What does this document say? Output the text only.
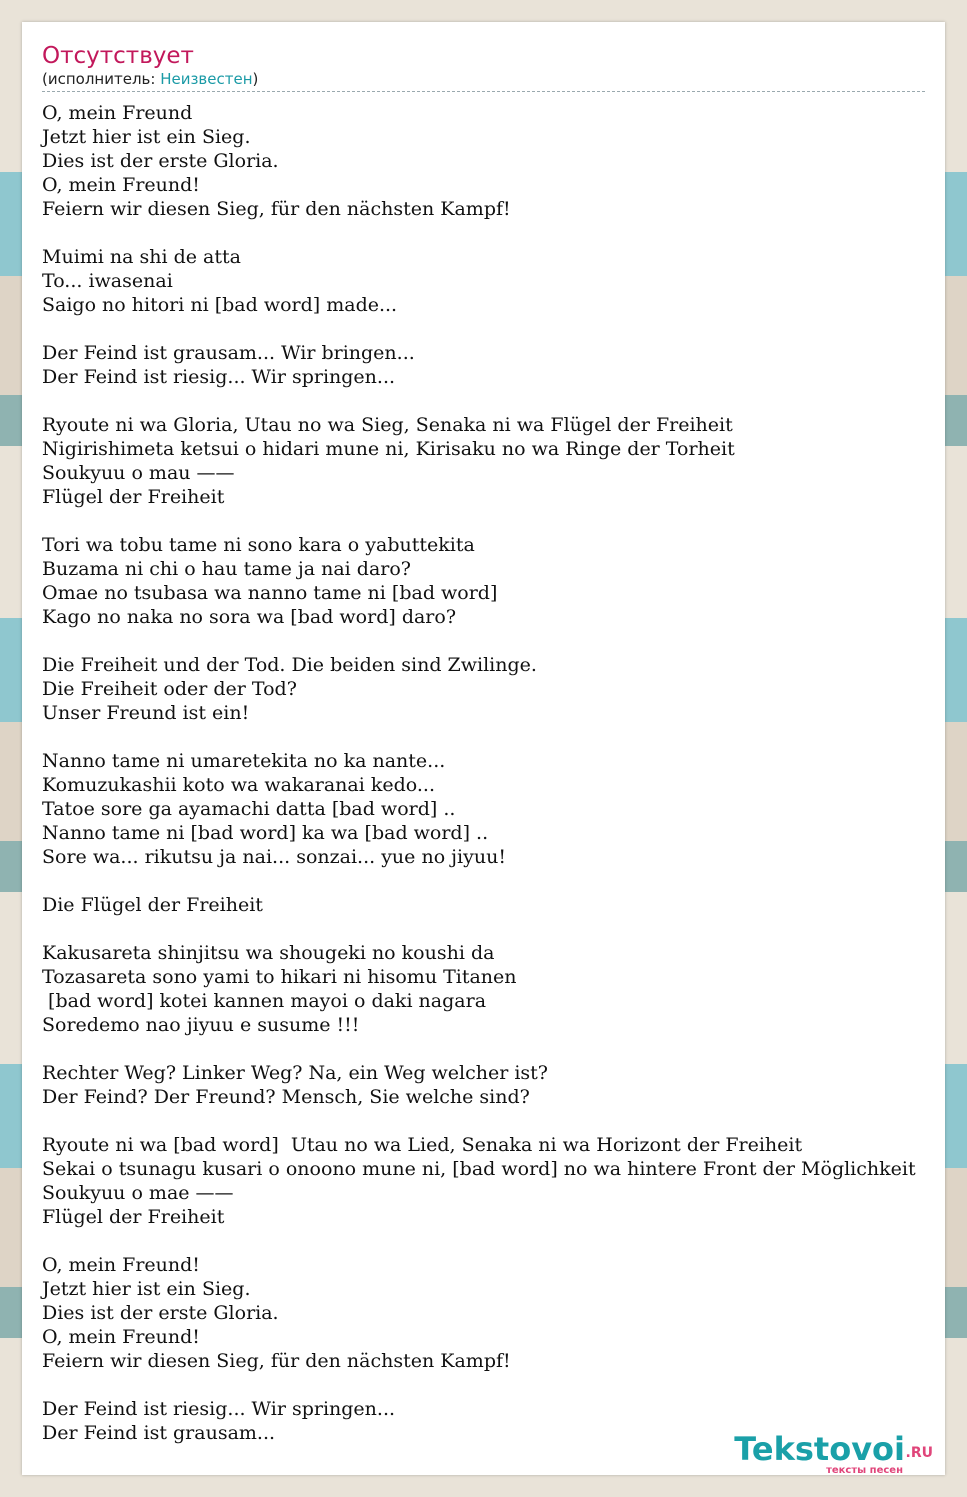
Отсутствует
(исполнитель: Неизвестен)
O, mein Freund
Jetzt hier ist ein Sieg.
Dies ist der erste Gloria.
O, mein Freund!
Feiern wir diesen Sieg, für den nächsten Kampf!

Muimi na shi de atta
To... iwasenai
Saigo no hitori ni [bad word] made...

Der Feind ist grausam... Wir bringen...
Der Feind ist riesig... Wir springen...

Ryoute ni wa Gloria, Utau no wa Sieg, Senaka ni wa Flügel der Freiheit
Nigirishimeta ketsui o hidari mune ni, Kirisaku no wa Ringe der Torheit
Soukyuu o mau ——
Flügel der Freiheit

Tori wa tobu tame ni sono kara o yabuttekita
Buzama ni chi o hau tame ja nai daro?
Omae no tsubasa wa nanno tame ni [bad word]
Kago no naka no sora wa [bad word] daro?

Die Freiheit und der Tod. Die beiden sind Zwilinge.
Die Freiheit oder der Tod?
Unser Freund ist ein!

Nanno tame ni umaretekita no ka nante...
Komuzukashii koto wa wakaranai kedo...
Tatoe sore ga ayamachi datta [bad word] ..
Nanno tame ni [bad word] ka wa [bad word] ..
Sore wa... rikutsu ja nai... sonzai... yue no jiyuu!

Die Flügel der Freiheit

Kakusareta shinjitsu wa shougeki no koushi da
Tozasareta sono yami to hikari ni hisomu Titanen
[bad word] kotei kannen mayoi o daki nagara
Soredemo nao jiyuu e susume !!!

Rechter Weg? Linker Weg? Na, ein Weg welcher ist?
Der Feind? Der Freund? Mensch, Sie welche sind?

Ryoute ni wa [bad word]  Utau no wa Lied, Senaka ni wa Horizont der Freiheit
Sekai o tsunagu kusari o onoono mune ni, [bad word] no wa hintere Front der Möglichkeit
Soukyuu o mae ——
Flügel der Freiheit

O, mein Freund!
Jetzt hier ist ein Sieg.
Dies ist der erste Gloria.
O, mein Freund!
Feiern wir diesen Sieg, für den nächsten Kampf!

Der Feind ist riesig... Wir springen...
Der Feind ist grausam...	Tekstovoi .RU
тексты песен
